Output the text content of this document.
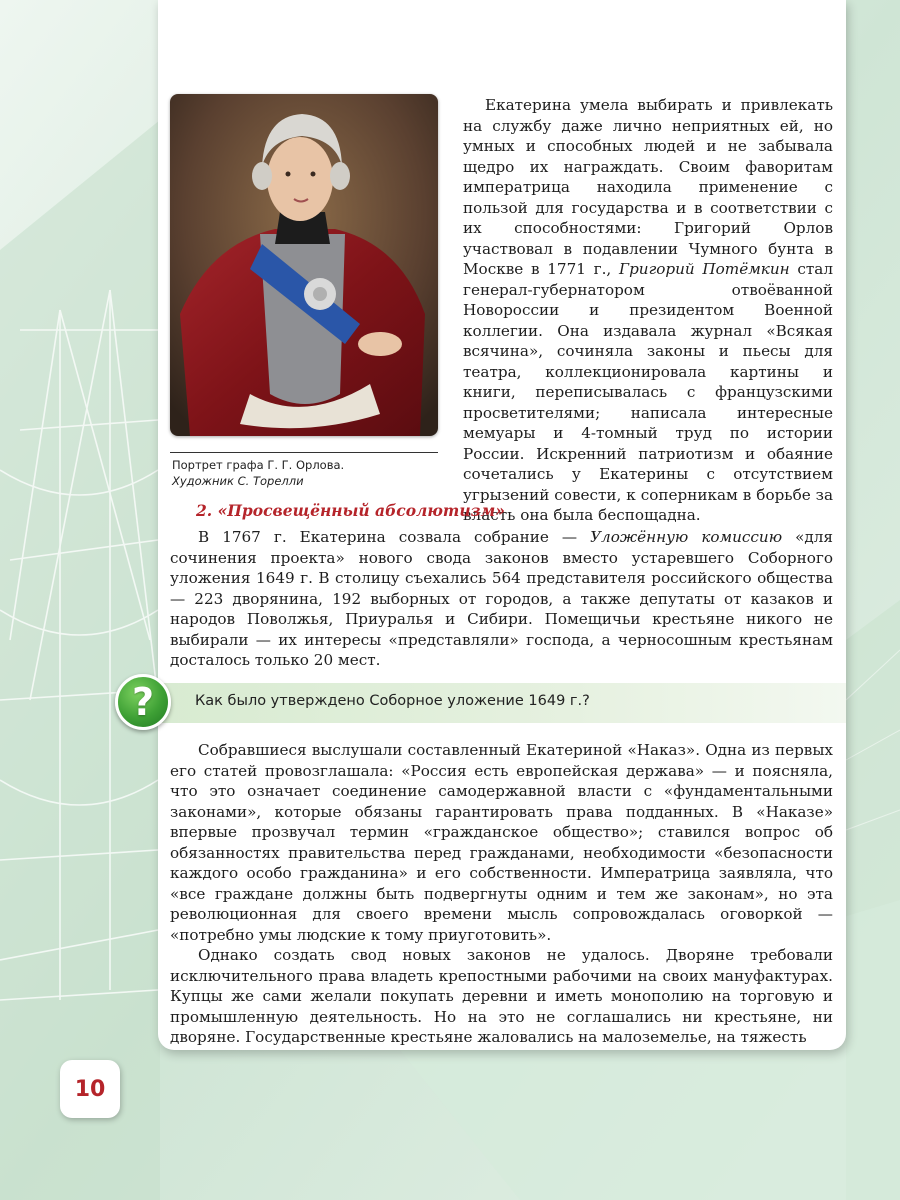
Портрет графа Г. Г. Орлова.
Художник С. Торелли

Екатерина умела выбирать и привлекать на службу даже лично неприятных ей, но умных и способных людей и не забывала щедро их награждать. Своим фаворитам императрица находила применение с пользой для государства и в соответствии с их способностями: Григорий Орлов участвовал в подавлении Чумного бунта в Москве в 1771 г., Григорий Потёмкин стал генерал-губернатором отвоёванной Новороссии и президентом Военной коллегии. Она издавала журнал «Всякая всячина», сочиняла законы и пьесы для театра, коллекционировала картины и книги, переписывалась с французскими просветителями; написала интересные мемуары и 4-томный труд по истории России. Искренний патриотизм и обаяние сочетались у Екатерины с отсутствием угрызений совести, к соперникам в борьбе за власть она была беспощадна.

2. «Просвещённый абсолютизм»

В 1767 г. Екатерина созвала собрание — Уложённую комиссию «для сочинения проекта» нового свода законов вместо устаревшего Соборного уложения 1649 г. В столицу съехались 564 представителя российского общества — 223 дворянина, 192 выборных от городов, а также депутаты от казаков и народов Поволжья, Приуралья и Сибири. Помещичьи крестьяне никого не выбирали — их интересы «представляли» господа, а черносошным крестьянам досталось только 20 мест.

?	Как было утверждено Соборное уложение 1649 г.?

Собравшиеся выслушали составленный Екатериной «Наказ». Одна из первых его статей провозглашала: «Россия есть европейская держава» — и поясняла, что это означает соединение самодержавной власти с «фундаментальными законами», которые обязаны гарантировать права подданных. В «Наказе» впервые прозвучал термин «гражданское общество»; ставился вопрос об обязанностях правительства перед гражданами, необходимости «безопасности каждого особо гражданина» и его собственности. Императрица заявляла, что «все граждане должны быть подвергнуты одним и тем же законам», но эта революционная для своего времени мысль сопровождалась оговоркой — «потребно умы людские к тому приуготовить».

Однако создать свод новых законов не удалось. Дворяне требовали исключительного права владеть крепостными рабочими на своих мануфактурах. Купцы же сами желали покупать деревни и иметь монополию на торговую и промышленную деятельность. Но на это не соглашались ни крестьяне, ни дворяне. Государственные крестьяне жаловались на малоземелье, на тяжесть

10
